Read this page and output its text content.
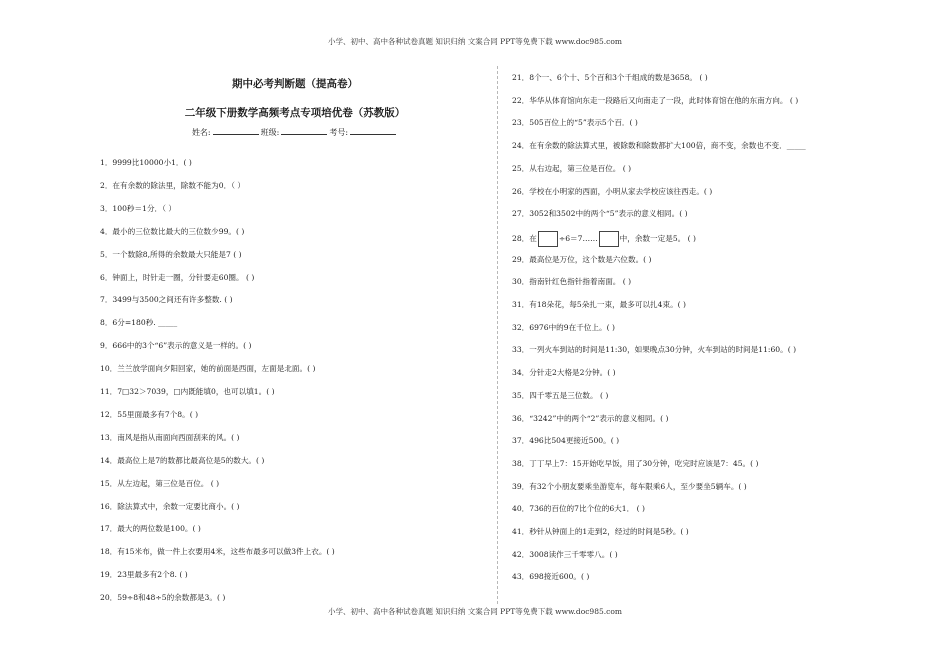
小学、初中、高中各种试卷真题 知识归纳 文案合同 PPT等免费下载 www.doc985.com

期中必考判断题（提高卷）

二年级下册数学高频考点专项培优卷（苏教版）

姓名:	班级:	考号:
1．9999比10000小1．( )
2．在有余数的除法里，除数不能为0．（ ）
3．100秒＝1分．（ ）
4．最小的三位数比最大的三位数少99。( )
5．一个数除8,所得的余数最大只能是7 ( )
6．钟面上，时针走一圈，分针要走60圈。 ( )
7．3499与3500之间还有许多整数. ( )
8．6分=180秒. _____
9．666中的3个“6”表示的意义是一样的。( )
10．兰兰放学面向夕阳回家，她的前面是西面，左面是北面。( )
11．7□32＞7039，□内既能填0，也可以填1。( )
12．55里面最多有7个8。( )
13．南风是指从南面向西面刮来的风。( )
14．最高位上是7的数都比最高位是5的数大。( )
15．从左边起，第三位是百位。 ( )
16．除法算式中，余数一定要比商小。( )
17．最大的两位数是100。( )
18．有15米布，做一件上衣要用4米，这些布最多可以做3件上衣。( )
19．23里最多有2个8. ( )
20．59÷8和48÷5的余数都是3。( )
21．8个一、6个十、5个百和3个千组成的数是3658。 ( )
22．华华从体育馆向东走一段路后又向南走了一段，此时体育馆在他的东南方向。 ( )
23．505百位上的“5”表示5个百．( )
24．在有余数的除法算式里，被除数和除数都扩大100倍，商不变，余数也不变．_____
25．从右边起，第三位是百位。 ( )
26．学校在小明家的西面，小明从家去学校应该往西走。( )
27．3052和3502中的两个“5”表示的意义相同。( )
28．在	÷6＝7……	中，余数一定是5。 ( )
29．最高位是万位，这个数是六位数。( )
30．指南针红色指针指着南面。 ( )
31．有18朵花，每5朵扎一束，最多可以扎4束。( )
32．6976中的9在千位上。( )
33．一列火车到站的时间是11:30，如果晚点30分钟，火车到站的时间是11:60。( )
34．分针走2大格是2分钟。( )
35．四千零五是三位数。 ( )
36．“3242”中的两个“2”表示的意义相同。( )
37．496比504更接近500。( )
38．丁丁早上7：15开始吃早饭，用了30分钟，吃完时应该是7：45。( )
39．有32个小朋友要乘坐游览车，每车限乘6人，至少要坐5辆车。( )
40．736的百位的7比个位的6大1． ( )
41．秒针从钟面上的1走到2，经过的时间是5秒。( )
42．3008读作三千零零八。( )
43．698接近600。( )
小学、初中、高中各种试卷真题 知识归纳 文案合同 PPT等免费下载 www.doc985.com
